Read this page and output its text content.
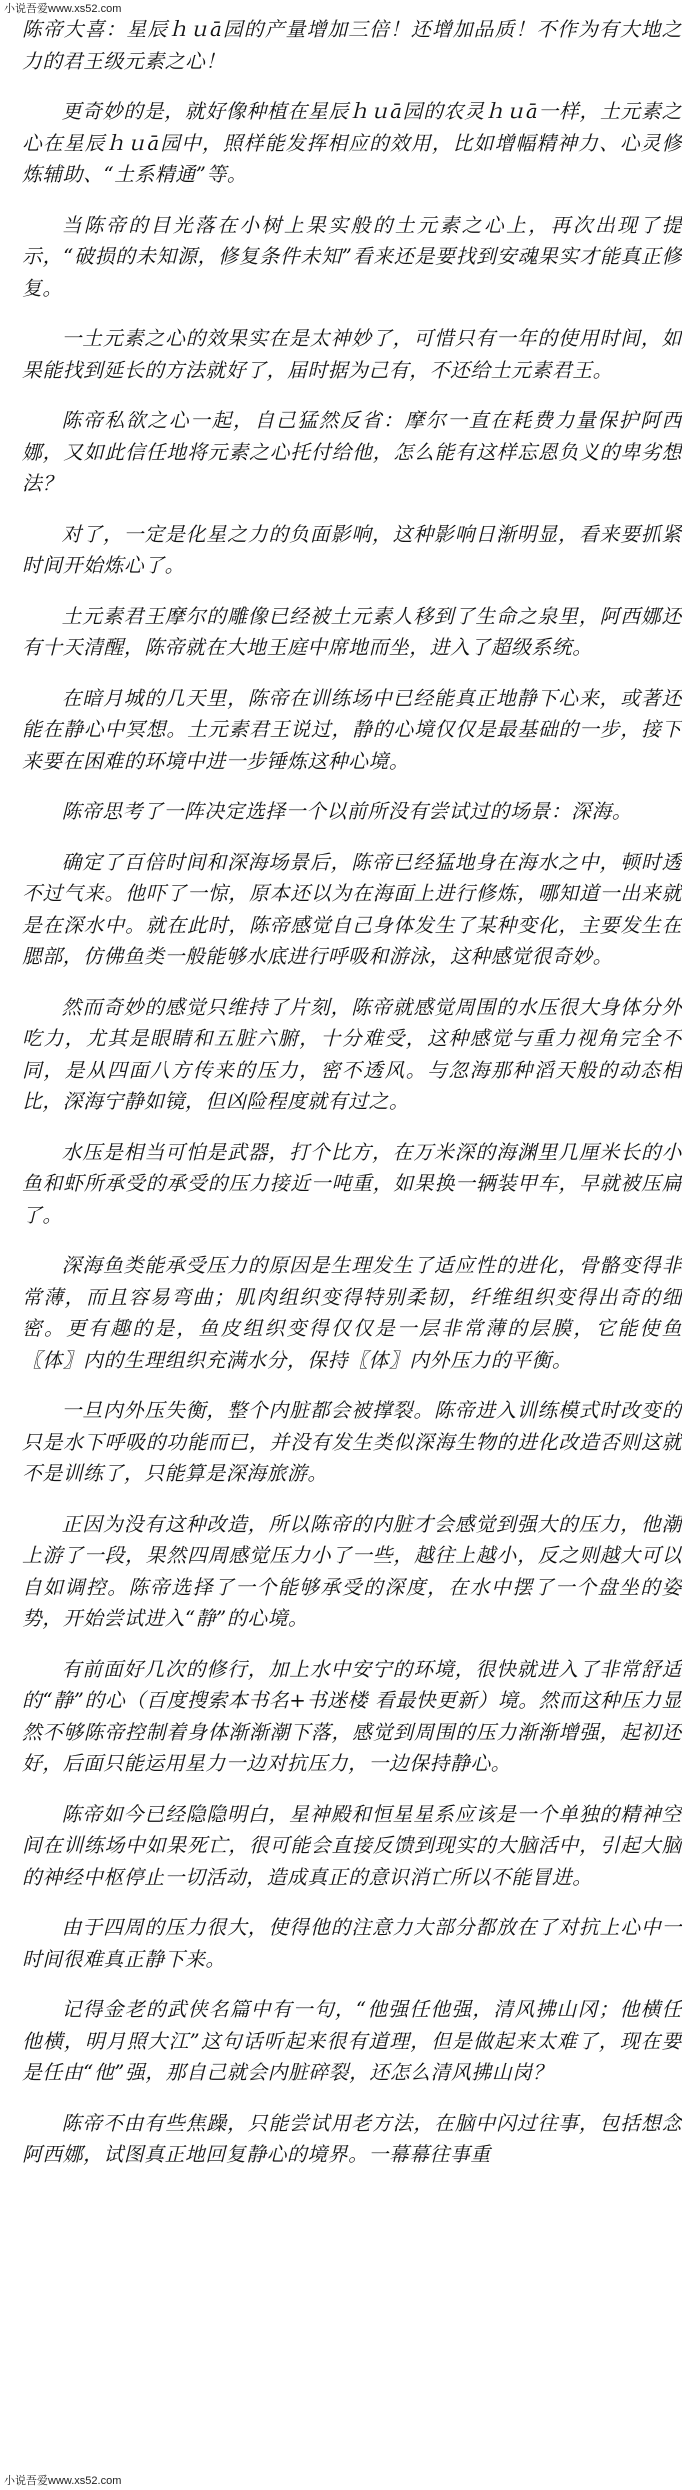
小说吾爱www.xs52.com

陈帝大喜：星辰ｈｕā园的产量增加三倍！还增加品质！不作为有大地之力的君王级元素之心！

更奇妙的是，就好像种植在星辰ｈｕā园的农灵ｈｕā一样，土元素之心在星辰ｈｕā园中，照样能发挥相应的效用，比如增幅精神力、心灵修炼辅助、“土系精通”等。

当陈帝的目光落在小树上果实般的土元素之心上，再次出现了提示，“破损的未知源，修复条件未知”看来还是要找到安魂果实才能真正修复。

一土元素之心的效果实在是太神妙了，可惜只有一年的使用时间，如果能找到延长的方法就好了，届时据为己有，不还给土元素君王。

陈帝私欲之心一起，自己猛然反省：摩尔一直在耗费力量保护阿西娜，又如此信任地将元素之心托付给他，怎么能有这样忘恩负义的卑劣想法？

对了，一定是化星之力的负面影响，这种影响日渐明显，看来要抓紧时间开始炼心了。

土元素君王摩尔的雕像已经被土元素人移到了生命之泉里，阿西娜还有十天清醒，陈帝就在大地王庭中席地而坐，进入了超级系统。

在暗月城的几天里，陈帝在训练场中已经能真正地静下心来，或著还能在静心中冥想。土元素君王说过，静的心境仅仅是最基础的一步，接下来要在困难的环境中进一步锤炼这种心境。

陈帝思考了一阵决定选择一个以前所没有尝试过的场景：深海。

确定了百倍时间和深海场景后，陈帝已经猛地身在海水之中，顿时透不过气来。他吓了一惊，原本还以为在海面上进行修炼，哪知道一出来就是在深水中。就在此时，陈帝感觉自己身体发生了某种变化，主要发生在腮部，仿佛鱼类一般能够水底进行呼吸和游泳，这种感觉很奇妙。

然而奇妙的感觉只维持了片刻，陈帝就感觉周围的水压很大身体分外吃力，尤其是眼睛和五脏六腑，十分难受，这种感觉与重力视角完全不同，是从四面八方传来的压力，密不透风。与忽海那种滔天般的动态相比，深海宁静如镜，但凶险程度就有过之。

水压是相当可怕是武器，打个比方，在万米深的海渊里几厘米长的小鱼和虾所承受的承受的压力接近一吨重，如果换一辆装甲车，早就被压扁了。

深海鱼类能承受压力的原因是生理发生了适应性的进化，骨骼变得非常薄，而且容易弯曲；肌肉组织变得特别柔韧，纤维组织变得出奇的细密。更有趣的是，鱼皮组织变得仅仅是一层非常薄的层膜，它能使鱼〖体〗内的生理组织充满水分，保持〖体〗内外压力的平衡。

一旦内外压失衡，整个内脏都会被撑裂。陈帝进入训练模式时改变的只是水下呼吸的功能而已，并没有发生类似深海生物的进化改造否则这就不是训练了，只能算是深海旅游。

正因为没有这种改造，所以陈帝的内脏才会感觉到强大的压力，他潮上游了一段，果然四周感觉压力小了一些，越往上越小，反之则越大可以自如调控。陈帝选择了一个能够承受的深度，在水中摆了一个盘坐的姿势，开始尝试进入“静”的心境。

有前面好几次的修行，加上水中安宁的环境，很快就进入了非常舒适的“静”的心（百度搜索本书名+书迷楼 看最快更新）境。然而这种压力显然不够陈帝控制着身体渐渐潮下落，感觉到周围的压力渐渐增强，起初还好，后面只能运用星力一边对抗压力，一边保持静心。

陈帝如今已经隐隐明白，星神殿和恒星星系应该是一个单独的精神空间在训练场中如果死亡，很可能会直接反馈到现实的大脑活中，引起大脑的神经中枢停止一切活动，造成真正的意识消亡所以不能冒进。

由于四周的压力很大，使得他的注意力大部分都放在了对抗上心中一时间很难真正静下来。

记得金老的武侠名篇中有一句，“他强任他强，清风拂山冈；他横任他横，明月照大江”这句话听起来很有道理，但是做起来太难了，现在要是任由“他”强，那自己就会内脏碎裂，还怎么清风拂山岗？

陈帝不由有些焦躁，只能尝试用老方法，在脑中闪过往事，包括想念阿西娜，试图真正地回复静心的境界。一幕幕往事重

小说吾爱www.xs52.com
